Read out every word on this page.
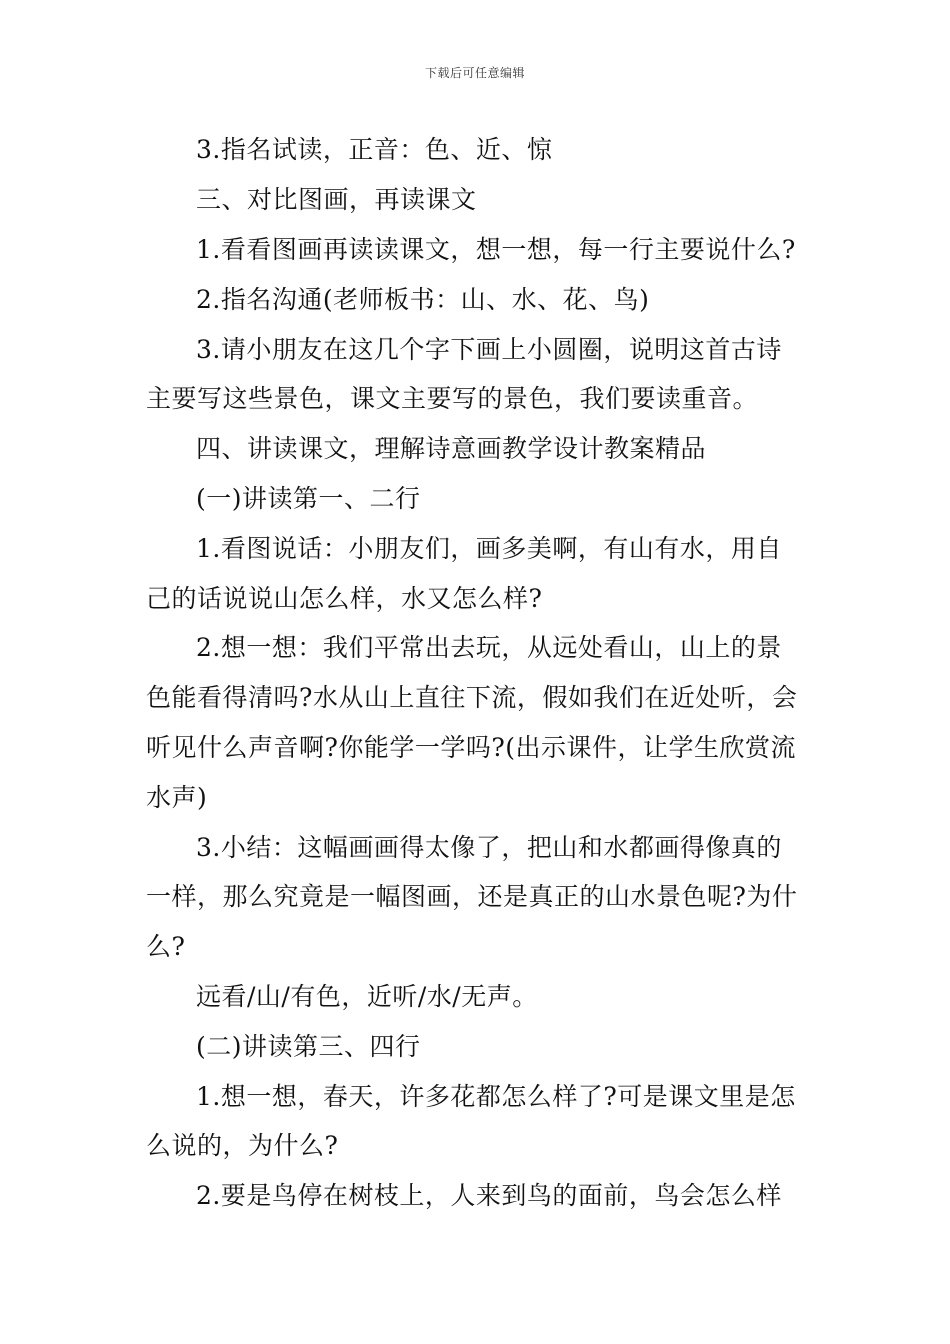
下载后可任意编辑
3.指名试读，正音：色、近、惊
三、对比图画，再读课文
1.看看图画再读读课文，想一想，每一行主要说什么?
2.指名沟通(老师板书：山、水、花、鸟)
3.请小朋友在这几个字下画上小圆圈，说明这首古诗
主要写这些景色，课文主要写的景色，我们要读重音。
四、讲读课文，理解诗意画教学设计教案精品
(一)讲读第一、二行
1.看图说话：小朋友们，画多美啊，有山有水，用自
己的话说说山怎么样，水又怎么样?
2.想一想：我们平常出去玩，从远处看山，山上的景
色能看得清吗?水从山上直往下流，假如我们在近处听，会
听见什么声音啊?你能学一学吗?(出示课件，让学生欣赏流
水声)
3.小结：这幅画画得太像了，把山和水都画得像真的
一样，那么究竟是一幅图画，还是真正的山水景色呢?为什
么?
远看/山/有色，近听/水/无声。
(二)讲读第三、四行
1.想一想，春天，许多花都怎么样了?可是课文里是怎
么说的，为什么?
2.要是鸟停在树枝上，人来到鸟的面前，鸟会怎么样
